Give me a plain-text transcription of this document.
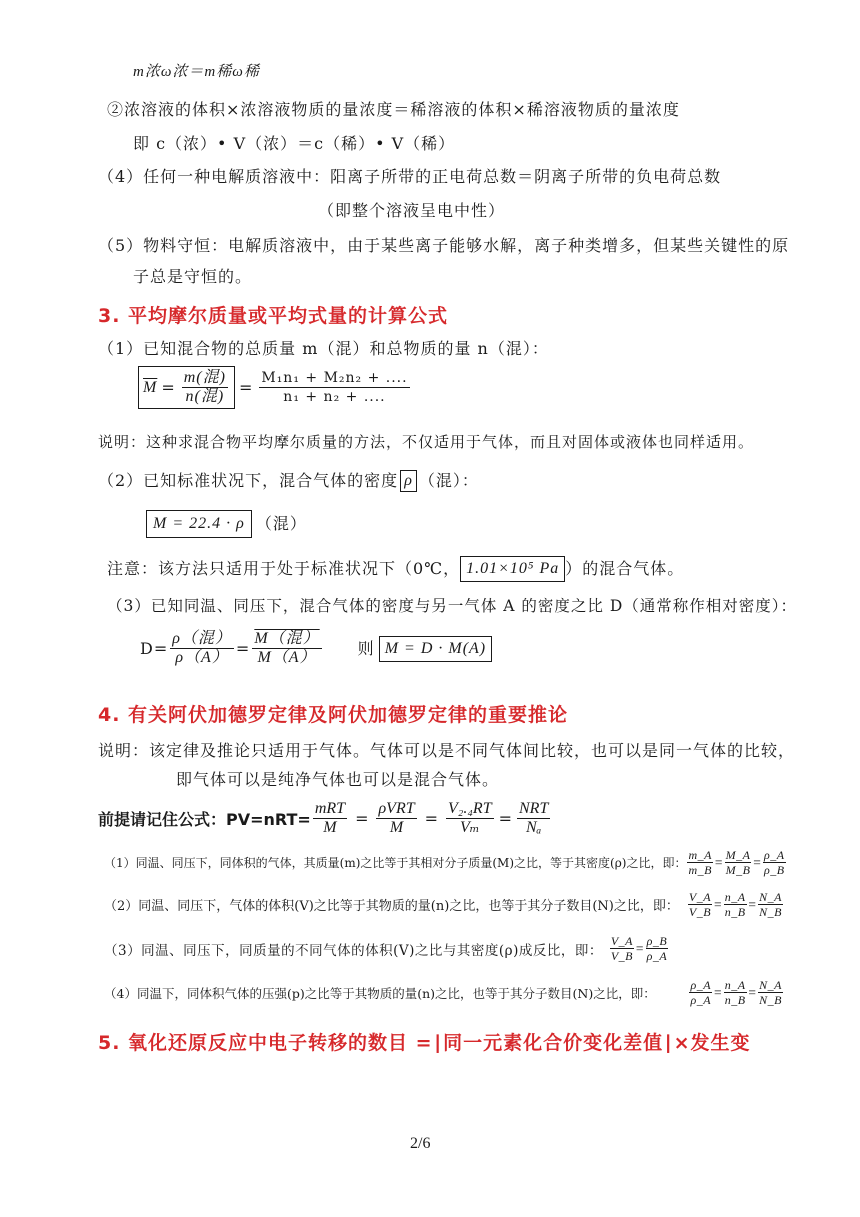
m浓ω浓＝m稀ω稀
②浓溶液的体积×浓溶液物质的量浓度＝稀溶液的体积×稀溶液物质的量浓度
即 c（浓）• V（浓）＝c（稀）• V（稀）
（4）任何一种电解质溶液中：阳离子所带的正电荷总数＝阴离子所带的负电荷总数
（即整个溶液呈电中性）
（5）物料守恒：电解质溶液中，由于某些离子能够水解，离子种类增多，但某些关键性的原
子总是守恒的。
3. 平均摩尔质量或平均式量的计算公式
（1）已知混合物的总质量 m（混）和总物质的量 n（混）：
$\overline{M} = \frac{\text{m(混)}}{\text{n(混)}} = \frac{\text{M₁n₁ + M₂n₂ + ....}}{\text{n₁ + n₂ + ....}}$
说明：这种求混合物平均摩尔质量的方法，不仅适用于气体，而且对固体或液体也同样适用。
（2）已知标准状况下，混合气体的密度 ρ （混）：
M = 22.4 · ρ （混）
注意：该方法只适用于处于标准状况下（0℃， 1.01×10⁵ Pa ）的混合气体。
（3）已知同温、同压下，混合气体的密度与另一气体 A 的密度之比 D（通常称作相对密度）：
$D= \frac{\text{ρ（混）}}{\rho(A)} = \frac{\text{M（混）}}{M(A)}$ 则 M = D · M(A)
4. 有关阿伏加德罗定律及阿伏加德罗定律的重要推论
说明：该定律及推论只适用于气体。气体可以是不同气体间比较，也可以是同一气体的比较，
即气体可以是纯净气体也可以是混合气体。
前提请记住公式：$PV=nRT= \frac{\text{mRT}}{M} = \frac{\text{ρVRT}}{M} = \frac{\text{V₂.₄RT}}{\text{Vₘ}} = \frac{\text{NRT}}{\text{Nₐ}}$
（1）同温、同压下，同体积的气体，其质量(m)之比等于其相对分子质量(M)之比，等于其密度(ρ)之比，即： $\frac{m\_A}{m\_B} = \frac{M\_A}{M\_B} = \frac{\rho\_A}{\rho\_B}$
（2）同温、同压下，气体的体积(V)之比等于其物质的量(n)之比，也等于其分子数目(N)之比，即： $\frac{V\_A}{V\_B} = \frac{n\_A}{n\_B} = \frac{N\_A}{N\_B}$
（3）同温、同压下，同质量的不同气体的体积(V)之比与其密度(ρ)成反比，即： $\frac{V\_A}{V\_B} = \frac{\rho\_B}{\rho\_A}$
（4）同温下，同体积气体的压强(p)之比等于其物质的量(n)之比，也等于其分子数目(N)之比，即：	$\frac{\rho\_A}{\rho\_A} = \frac{n\_A}{n\_B} = \frac{N\_A}{N\_B}$
5. 氧化还原反应中电子转移的数目 =∣同一元素化合价变化差值∣×发生变
2/6
